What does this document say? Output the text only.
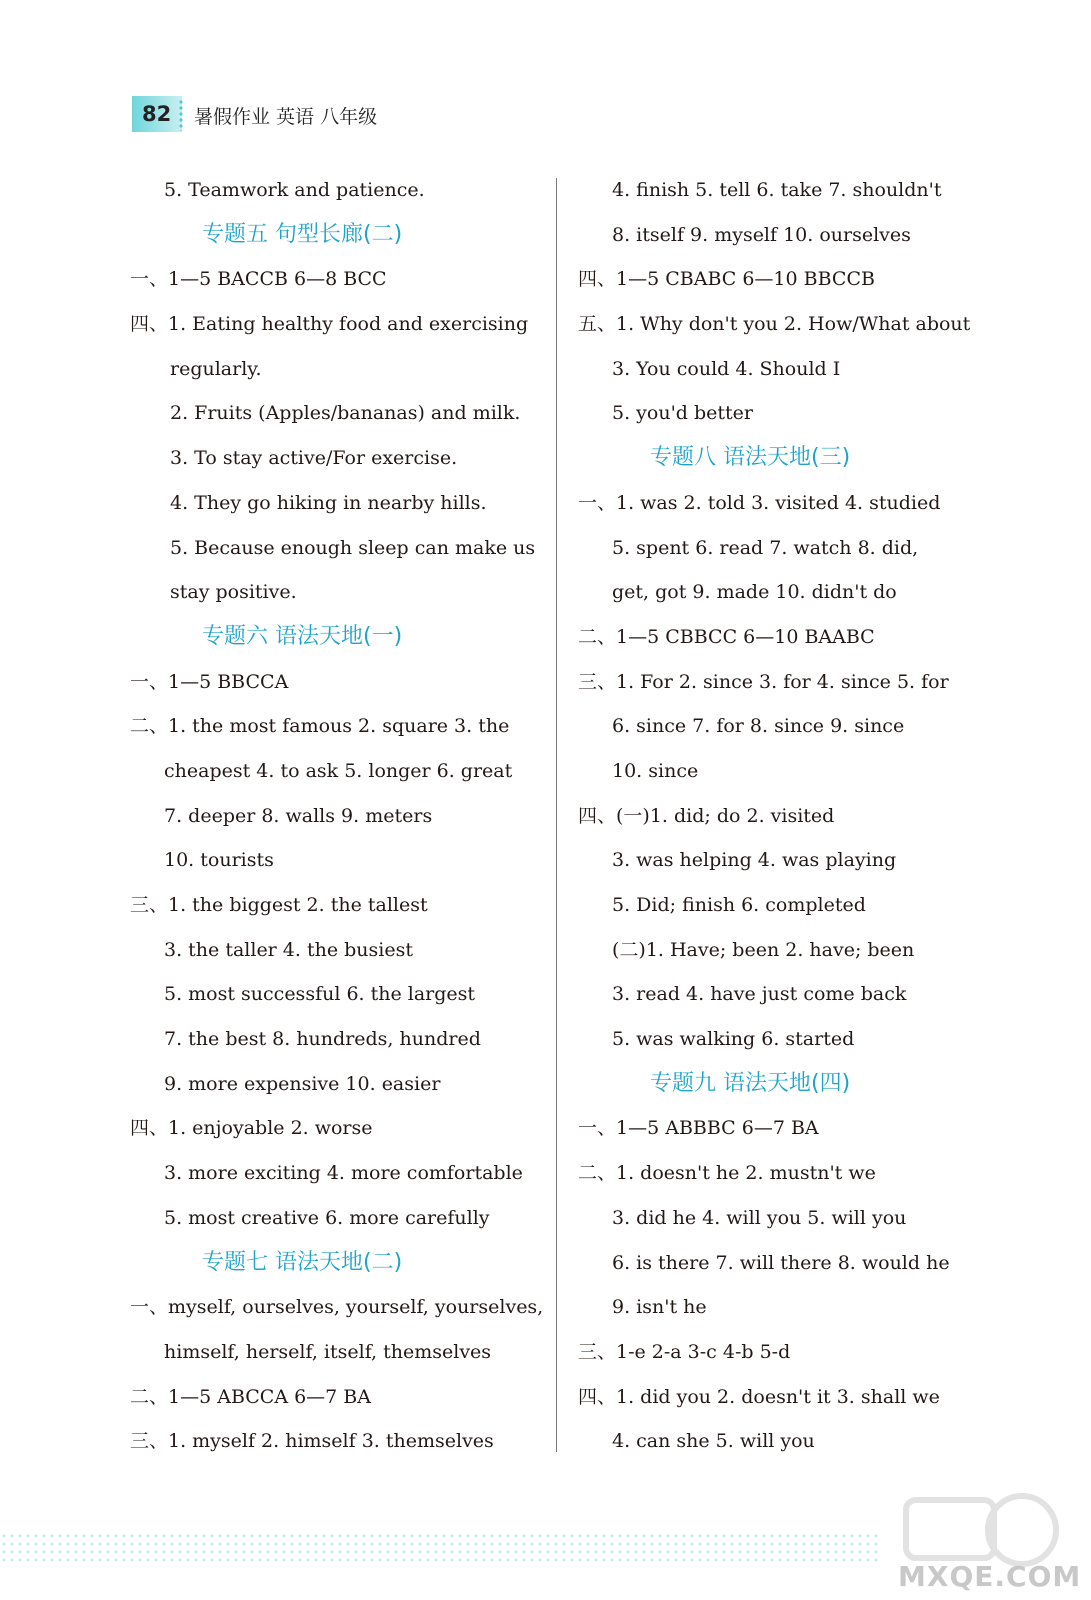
82 暑假作业 英语 八年级
5. Teamwork and patience.
专题五 句型长廊(二)
一、1—5 BACCB 6—8 BCC
四、1. Eating healthy food and exercising
regularly.
2. Fruits (Apples/bananas) and milk.
3. To stay active/For exercise.
4. They go hiking in nearby hills.
5. Because enough sleep can make us
stay positive.
专题六 语法天地(一)
一、1—5 BBCCA
二、1. the most famous 2. square 3. the
cheapest 4. to ask 5. longer 6. great
7. deeper 8. walls 9. meters
10. tourists
三、1. the biggest 2. the tallest
3. the taller 4. the busiest
5. most successful 6. the largest
7. the best 8. hundreds, hundred
9. more expensive 10. easier
四、1. enjoyable 2. worse
3. more exciting 4. more comfortable
5. most creative 6. more carefully
专题七 语法天地(二)
一、myself, ourselves, yourself, yourselves,
himself, herself, itself, themselves
二、1—5 ABCCA 6—7 BA
三、1. myself 2. himself 3. themselves
4. finish 5. tell 6. take 7. shouldn't
8. itself 9. myself 10. ourselves
四、1—5 CBABC 6—10 BBCCB
五、1. Why don't you 2. How/What about
3. You could 4. Should I
5. you'd better
专题八 语法天地(三)
一、1. was 2. told 3. visited 4. studied
5. spent 6. read 7. watch 8. did,
get, got 9. made 10. didn't do
二、1—5 CBBCC 6—10 BAABC
三、1. For 2. since 3. for 4. since 5. for
6. since 7. for 8. since 9. since
10. since
四、(一)1. did; do 2. visited
3. was helping 4. was playing
5. Did; finish 6. completed
(二)1. Have; been 2. have; been
3. read 4. have just come back
5. was walking 6. started
专题九 语法天地(四)
一、1—5 ABBBC 6—7 BA
二、1. doesn't he 2. mustn't we
3. did he 4. will you 5. will you
6. is there 7. will there 8. would he
9. isn't he
三、1-e 2-a 3-c 4-b 5-d
四、1. did you 2. doesn't it 3. shall we
4. can she 5. will you
MXQE.COM
